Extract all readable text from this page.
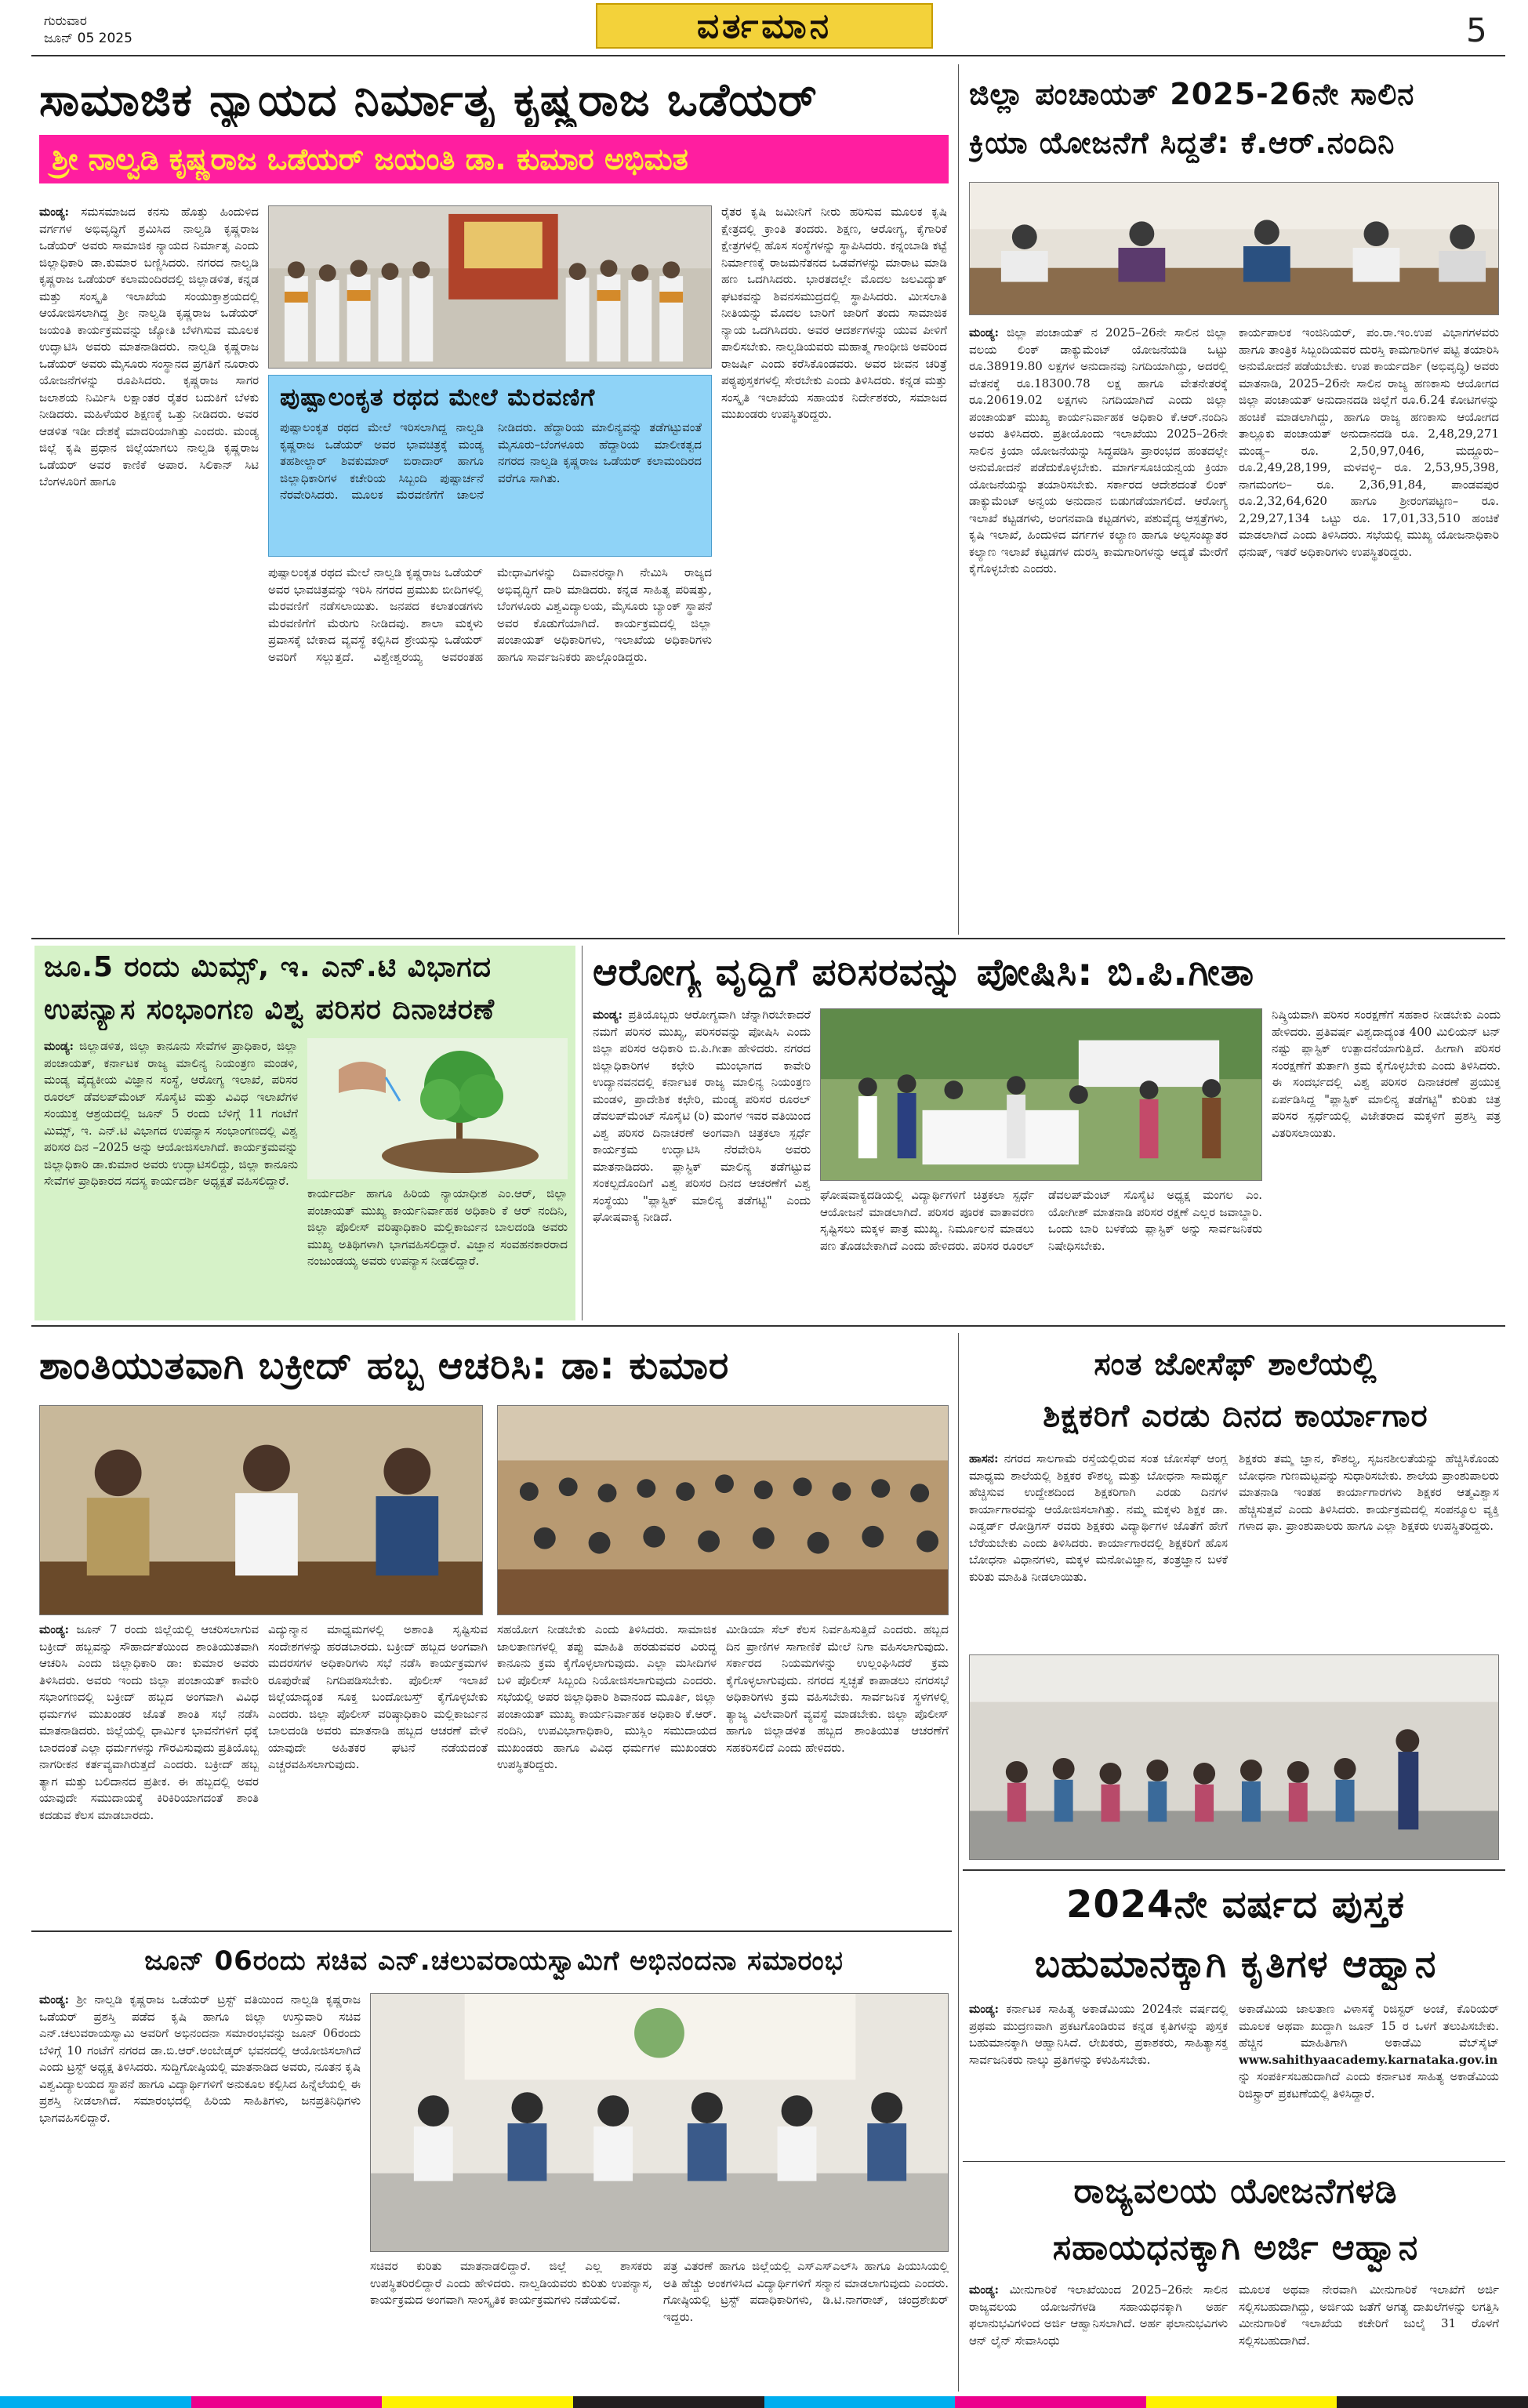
ಗುರುವಾರ
ಜೂನ್ 05 2025	ವರ್ತಮಾನ	5
ಸಾಮಾಜಿಕ ನ್ಯಾಯದ ನಿರ್ಮಾತೃ ಕೃಷ್ಣರಾಜ ಒಡೆಯರ್
ಶ್ರೀ ನಾಲ್ವಡಿ ಕೃಷ್ಣರಾಜ ಒಡೆಯರ್ ಜಯಂತಿ ಡಾ. ಕುಮಾರ ಅಭಿಮತ
ಮಂಡ್ಯ: ಸಮಸಮಾಜದ ಕನಸು ಹೊತ್ತು ಹಿಂದುಳಿದ ವರ್ಗಗಳ ಅಭಿವೃದ್ಧಿಗೆ ಶ್ರಮಿಸಿದ ನಾಲ್ವಡಿ ಕೃಷ್ಣರಾಜ ಒಡೆಯರ್ ಅವರು ಸಾಮಾಜಿಕ ನ್ಯಾಯದ ನಿರ್ಮಾತೃ ಎಂದು ಜಿಲ್ಲಾಧಿಕಾರಿ ಡಾ.ಕುಮಾರ ಬಣ್ಣಿಸಿದರು. ನಗರದ ನಾಲ್ವಡಿ ಕೃಷ್ಣರಾಜ ಒಡೆಯರ್ ಕಲಾಮಂದಿರದಲ್ಲಿ ಜಿಲ್ಲಾಡಳಿತ, ಕನ್ನಡ ಮತ್ತು ಸಂಸ್ಕೃತಿ ಇಲಾಖೆಯ ಸಂಯುಕ್ತಾಶ್ರಯದಲ್ಲಿ ಆಯೋಜಿಸಲಾಗಿದ್ದ ಶ್ರೀ ನಾಲ್ವಡಿ ಕೃಷ್ಣರಾಜ ಒಡೆಯರ್ ಜಯಂತಿ ಕಾರ್ಯಕ್ರಮವನ್ನು ಜ್ಯೋತಿ ಬೆಳಗಿಸುವ ಮೂಲಕ ಉದ್ಘಾಟಿಸಿ ಅವರು ಮಾತನಾಡಿದರು. ನಾಲ್ವಡಿ ಕೃಷ್ಣರಾಜ ಒಡೆಯರ್ ಅವರು ಮೈಸೂರು ಸಂಸ್ಥಾನದ ಪ್ರಗತಿಗೆ ನೂರಾರು ಯೋಜನೆಗಳನ್ನು ರೂಪಿಸಿದರು. ಕೃಷ್ಣರಾಜ ಸಾಗರ ಜಲಾಶಯ ನಿರ್ಮಿಸಿ ಲಕ್ಷಾಂತರ ರೈತರ ಬದುಕಿಗೆ ಬೆಳಕು ನೀಡಿದರು. ಮಹಿಳೆಯರ ಶಿಕ್ಷಣಕ್ಕೆ ಒತ್ತು ನೀಡಿದರು. ಅವರ ಆಡಳಿತ ಇಡೀ ದೇಶಕ್ಕೆ ಮಾದರಿಯಾಗಿತ್ತು ಎಂದರು. ಮಂಡ್ಯ ಜಿಲ್ಲೆ ಕೃಷಿ ಪ್ರಧಾನ ಜಿಲ್ಲೆಯಾಗಲು ನಾಲ್ವಡಿ ಕೃಷ್ಣರಾಜ ಒಡೆಯರ್ ಅವರ ಕಾಣಿಕೆ ಅಪಾರ. ಸಿಲಿಕಾನ್ ಸಿಟಿ ಬೆಂಗಳೂರಿಗೆ ಹಾಗೂ
ಪುಷ್ಪಾಲಂಕೃತ ರಥದ ಮೇಲೆ ಮೆರವಣಿಗೆ
ಪುಷ್ಪಾಲಂಕೃತ ರಥದ ಮೇಲೆ ಇರಿಸಲಾಗಿದ್ದ ನಾಲ್ವಡಿ ಕೃಷ್ಣರಾಜ ಒಡೆಯರ್ ಅವರ ಭಾವಚಿತ್ರಕ್ಕೆ ಮಂಡ್ಯ ತಹಶೀಲ್ದಾರ್ ಶಿವಕುಮಾರ್ ಬಿರಾದಾರ್ ಹಾಗೂ ಜಿಲ್ಲಾಧಿಕಾರಿಗಳ ಕಚೇರಿಯ ಸಿಬ್ಬಂದಿ ಪುಷ್ಪಾರ್ಚನೆ ನೆರವೇರಿಸಿದರು. ಮೂಲಕ ಮೆರವಣಿಗೆಗೆ ಚಾಲನೆ ನೀಡಿದರು. ಹೆದ್ದಾರಿಯ ಮಾಲಿನ್ಯವನ್ನು ತಡೆಗಟ್ಟುವಂತೆ ಮೈಸೂರು–ಬೆಂಗಳೂರು ಹೆದ್ದಾರಿಯ ಮಾಲೀಕತ್ವದ ನಗರದ ನಾಲ್ವಡಿ ಕೃಷ್ಣರಾಜ ಒಡೆಯರ್ ಕಲಾಮಂದಿರದ ವರೆಗೂ ಸಾಗಿತು.
ಪುಷ್ಪಾಲಂಕೃತ ರಥದ ಮೇಲೆ ನಾಲ್ವಡಿ ಕೃಷ್ಣರಾಜ ಒಡೆಯರ್ ಅವರ ಭಾವಚಿತ್ರವನ್ನು ಇರಿಸಿ ನಗರದ ಪ್ರಮುಖ ಬೀದಿಗಳಲ್ಲಿ ಮೆರವಣಿಗೆ ನಡೆಸಲಾಯಿತು. ಜನಪದ ಕಲಾತಂಡಗಳು ಮೆರವಣಿಗೆಗೆ ಮೆರುಗು ನೀಡಿದವು. ಶಾಲಾ ಮಕ್ಕಳು ಪ್ರವಾಸಕ್ಕೆ ಬೇಕಾದ ವ್ಯವಸ್ಥೆ ಕಲ್ಪಿಸಿದ ಶ್ರೇಯಸ್ಸು ಒಡೆಯರ್ ಅವರಿಗೆ ಸಲ್ಲುತ್ತದೆ. ವಿಶ್ವೇಶ್ವರಯ್ಯ ಅವರಂತಹ ಮೇಧಾವಿಗಳನ್ನು ದಿವಾನರನ್ನಾಗಿ ನೇಮಿಸಿ ರಾಜ್ಯದ ಅಭಿವೃದ್ಧಿಗೆ ದಾರಿ ಮಾಡಿದರು. ಕನ್ನಡ ಸಾಹಿತ್ಯ ಪರಿಷತ್ತು, ಬೆಂಗಳೂರು ವಿಶ್ವವಿದ್ಯಾಲಯ, ಮೈಸೂರು ಬ್ಯಾಂಕ್ ಸ್ಥಾಪನೆ ಅವರ ಕೊಡುಗೆಯಾಗಿದೆ. ಕಾರ್ಯಕ್ರಮದಲ್ಲಿ ಜಿಲ್ಲಾ ಪಂಚಾಯತ್ ಅಧಿಕಾರಿಗಳು, ಇಲಾಖೆಯ ಅಧಿಕಾರಿಗಳು ಹಾಗೂ ಸಾರ್ವಜನಿಕರು ಪಾಲ್ಗೊಂಡಿದ್ದರು.
ರೈತರ ಕೃಷಿ ಜಮೀನಿಗೆ ನೀರು ಹರಿಸುವ ಮೂಲಕ ಕೃಷಿ ಕ್ಷೇತ್ರದಲ್ಲಿ ಕ್ರಾಂತಿ ತಂದರು. ಶಿಕ್ಷಣ, ಆರೋಗ್ಯ, ಕೈಗಾರಿಕೆ ಕ್ಷೇತ್ರಗಳಲ್ಲಿ ಹೊಸ ಸಂಸ್ಥೆಗಳನ್ನು ಸ್ಥಾಪಿಸಿದರು. ಕನ್ನಂಬಾಡಿ ಕಟ್ಟೆ ನಿರ್ಮಾಣಕ್ಕೆ ರಾಜಮನೆತನದ ಒಡವೆಗಳನ್ನು ಮಾರಾಟ ಮಾಡಿ ಹಣ ಒದಗಿಸಿದರು. ಭಾರತದಲ್ಲೇ ಮೊದಲ ಜಲವಿದ್ಯುತ್ ಘಟಕವನ್ನು ಶಿವನಸಮುದ್ರದಲ್ಲಿ ಸ್ಥಾಪಿಸಿದರು. ಮೀಸಲಾತಿ ನೀತಿಯನ್ನು ಮೊದಲ ಬಾರಿಗೆ ಜಾರಿಗೆ ತಂದು ಸಾಮಾಜಿಕ ನ್ಯಾಯ ಒದಗಿಸಿದರು. ಅವರ ಆದರ್ಶಗಳನ್ನು ಯುವ ಪೀಳಿಗೆ ಪಾಲಿಸಬೇಕು. ನಾಲ್ವಡಿಯವರು ಮಹಾತ್ಮ ಗಾಂಧೀಜಿ ಅವರಿಂದ ರಾಜರ್ಷಿ ಎಂದು ಕರೆಸಿಕೊಂಡವರು. ಅವರ ಜೀವನ ಚರಿತ್ರೆ ಪಠ್ಯಪುಸ್ತಕಗಳಲ್ಲಿ ಸೇರಬೇಕು ಎಂದು ತಿಳಿಸಿದರು. ಕನ್ನಡ ಮತ್ತು ಸಂಸ್ಕೃತಿ ಇಲಾಖೆಯ ಸಹಾಯಕ ನಿರ್ದೇಶಕರು, ಸಮಾಜದ ಮುಖಂಡರು ಉಪಸ್ಥಿತರಿದ್ದರು.
ಜಿಲ್ಲಾ ಪಂಚಾಯತ್ 2025-26ನೇ ಸಾಲಿನ
ಕ್ರಿಯಾ ಯೋಜನೆಗೆ ಸಿದ್ಧತೆ: ಕೆ.ಆರ್.ನಂದಿನಿ
ಮಂಡ್ಯ: ಜಿಲ್ಲಾ ಪಂಚಾಯತ್ ನ 2025–26ನೇ ಸಾಲಿನ ಜಿಲ್ಲಾ ವಲಯ ಲಿಂಕ್ ಡಾಕ್ಯುಮೆಂಟ್ ಯೋಜನೆಯಡಿ ಒಟ್ಟು ರೂ.38919.80 ಲಕ್ಷಗಳ ಅನುದಾನವು ನಿಗದಿಯಾಗಿದ್ದು, ಅದರಲ್ಲಿ ವೇತನಕ್ಕೆ ರೂ.18300.78 ಲಕ್ಷ ಹಾಗೂ ವೇತನೇತರಕ್ಕೆ ರೂ.20619.02 ಲಕ್ಷಗಳು ನಿಗದಿಯಾಗಿದೆ ಎಂದು ಜಿಲ್ಲಾ ಪಂಚಾಯತ್ ಮುಖ್ಯ ಕಾರ್ಯನಿರ್ವಾಹಕ ಅಧಿಕಾರಿ ಕೆ.ಆರ್.ನಂದಿನಿ ಅವರು ತಿಳಿಸಿದರು. ಪ್ರತೀಯೊಂದು ಇಲಾಖೆಯು 2025–26ನೇ ಸಾಲಿನ ಕ್ರಿಯಾ ಯೋಜನೆಯನ್ನು ಸಿದ್ಧಪಡಿಸಿ ಪ್ರಾರಂಭದ ಹಂತದಲ್ಲೇ ಅನುಮೋದನೆ ಪಡೆದುಕೊಳ್ಳಬೇಕು. ಮಾರ್ಗಸೂಚಿಯನ್ವಯ ಕ್ರಿಯಾ ಯೋಜನೆಯನ್ನು ತಯಾರಿಸಬೇಕು. ಸರ್ಕಾರದ ಆದೇಶದಂತೆ ಲಿಂಕ್ ಡಾಕ್ಯುಮೆಂಟ್ ಅನ್ವಯ ಅನುದಾನ ಬಿಡುಗಡೆಯಾಗಲಿದೆ. ಆರೋಗ್ಯ ಇಲಾಖೆ ಕಟ್ಟಡಗಳು, ಅಂಗನವಾಡಿ ಕಟ್ಟಡಗಳು, ಪಶುವೈದ್ಯ ಆಸ್ಪತ್ರೆಗಳು, ಕೃಷಿ ಇಲಾಖೆ, ಹಿಂದುಳಿದ ವರ್ಗಗಳ ಕಲ್ಯಾಣ ಹಾಗೂ ಅಲ್ಪಸಂಖ್ಯಾತರ ಕಲ್ಯಾಣ ಇಲಾಖೆ ಕಟ್ಟಡಗಳ ದುರಸ್ತಿ ಕಾಮಗಾರಿಗಳನ್ನು ಆದ್ಯತೆ ಮೇರೆಗೆ ಕೈಗೊಳ್ಳಬೇಕು ಎಂದರು.
ಕಾರ್ಯಪಾಲಕ ಇಂಜಿನಿಯರ್, ಪಂ.ರಾ.ಇಂ.ಉಪ ವಿಭಾಗಗಳವರು ಹಾಗೂ ತಾಂತ್ರಿಕ ಸಿಬ್ಬಂದಿಯವರ ದುರಸ್ತಿ ಕಾಮಗಾರಿಗಳ ಪಟ್ಟಿ ತಯಾರಿಸಿ ಅನುಮೋದನೆ ಪಡೆಯಬೇಕು. ಉಪ ಕಾರ್ಯದರ್ಶಿ (ಅಭಿವೃದ್ಧಿ) ಅವರು ಮಾತನಾಡಿ, 2025–26ನೇ ಸಾಲಿನ ರಾಜ್ಯ ಹಣಕಾಸು ಆಯೋಗದ ಜಿಲ್ಲಾ ಪಂಚಾಯತ್ ಅನುದಾನದಡಿ ಜಿಲ್ಲೆಗೆ ರೂ.6.24 ಕೋಟಿಗಳನ್ನು ಹಂಚಿಕೆ ಮಾಡಲಾಗಿದ್ದು, ಹಾಗೂ ರಾಜ್ಯ ಹಣಕಾಸು ಆಯೋಗದ ತಾಲ್ಲೂಕು ಪಂಚಾಯತ್ ಅನುದಾನದಡಿ ರೂ. 2,48,29,271 ಮಂಡ್ಯ– ರೂ. 2,50,97,046, ಮದ್ದೂರು– ರೂ.2,49,28,199, ಮಳವಳ್ಳಿ– ರೂ. 2,53,95,398, ನಾಗಮಂಗಲ– ರೂ. 2,36,91,84, ಪಾಂಡವಪುರ ರೂ.2,32,64,620 ಹಾಗೂ ಶ್ರೀರಂಗಪಟ್ಟಣ– ರೂ. 2,29,27,134 ಒಟ್ಟು ರೂ. 17,01,33,510 ಹಂಚಿಕೆ ಮಾಡಲಾಗಿದೆ ಎಂದು ತಿಳಿಸಿದರು. ಸಭೆಯಲ್ಲಿ ಮುಖ್ಯ ಯೋಜನಾಧಿಕಾರಿ ಧನುಷ್, ಇತರೆ ಅಧಿಕಾರಿಗಳು ಉಪಸ್ಥಿತರಿದ್ದರು.
ಜೂ.5 ರಂದು ಮಿಮ್ಸ್, ಇ. ಎನ್.ಟಿ ವಿಭಾಗದ
ಉಪನ್ಯಾಸ ಸಂಭಾಂಗಣ ವಿಶ್ವ ಪರಿಸರ ದಿನಾಚರಣೆ
ಮಂಡ್ಯ: ಜಿಲ್ಲಾಡಳಿತ, ಜಿಲ್ಲಾ ಕಾನೂನು ಸೇವೆಗಳ ಪ್ರಾಧಿಕಾರ, ಜಿಲ್ಲಾ ಪಂಚಾಯತ್, ಕರ್ನಾಟಕ ರಾಜ್ಯ ಮಾಲಿನ್ಯ ನಿಯಂತ್ರಣ ಮಂಡಳಿ, ಮಂಡ್ಯ ವೈದ್ಯಕೀಯ ವಿಜ್ಞಾನ ಸಂಸ್ಥೆ, ಆರೋಗ್ಯ ಇಲಾಖೆ, ಪರಿಸರ ರೂರಲ್ ಡೆವಲಪ್‌ಮೆಂಟ್ ಸೊಸೈಟಿ ಮತ್ತು ವಿವಿಧ ಇಲಾಖೆಗಳ ಸಂಯುಕ್ತ ಆಶ್ರಯದಲ್ಲಿ ಜೂನ್ 5 ರಂದು ಬೆಳಿಗ್ಗೆ 11 ಗಂಟೆಗೆ ಮಿಮ್ಸ್, ಇ. ಎನ್.ಟಿ ವಿಭಾಗದ ಉಪನ್ಯಾಸ ಸಂಭಾಂಗಣದಲ್ಲಿ ವಿಶ್ವ ಪರಿಸರ ದಿನ –2025 ಅನ್ನು ಆಯೋಜಿಸಲಾಗಿದೆ. ಕಾರ್ಯಕ್ರಮವನ್ನು ಜಿಲ್ಲಾಧಿಕಾರಿ ಡಾ.ಕುಮಾರ ಅವರು ಉದ್ಘಾಟಿಸಲಿದ್ದು, ಜಿಲ್ಲಾ ಕಾನೂನು ಸೇವೆಗಳ ಪ್ರಾಧಿಕಾರದ ಸದಸ್ಯ ಕಾರ್ಯದರ್ಶಿ ಅಧ್ಯಕ್ಷತೆ ವಹಿಸಲಿದ್ದಾರೆ.
ಕಾರ್ಯದರ್ಶಿ ಹಾಗೂ ಹಿರಿಯ ನ್ಯಾಯಾಧೀಶ ಎಂ.ಆರ್, ಜಿಲ್ಲಾ ಪಂಚಾಯತ್ ಮುಖ್ಯ ಕಾರ್ಯನಿರ್ವಾಹಕ ಅಧಿಕಾರಿ ಕೆ ಆರ್ ನಂದಿನಿ, ಜಿಲ್ಲಾ ಪೊಲೀಸ್ ವರಿಷ್ಠಾಧಿಕಾರಿ ಮಲ್ಲಿಕಾರ್ಜುನ ಬಾಲದಂಡಿ ಅವರು ಮುಖ್ಯ ಅತಿಥಿಗಳಾಗಿ ಭಾಗವಹಿಸಲಿದ್ದಾರೆ. ವಿಜ್ಞಾನ ಸಂವಹನಕಾರರಾದ ನಂಜುಂಡಯ್ಯ ಅವರು ಉಪನ್ಯಾಸ ನೀಡಲಿದ್ದಾರೆ.
ಆರೋಗ್ಯ ವೃದ್ಧಿಗೆ ಪರಿಸರವನ್ನು ಪೋಷಿಸಿ: ಬಿ.ಪಿ.ಗೀತಾ
ಮಂಡ್ಯ: ಪ್ರತಿಯೊಬ್ಬರು ಆರೋಗ್ಯವಾಗಿ ಚೆನ್ನಾಗಿರಬೇಕಾದರೆ ನಮಗೆ ಪರಿಸರ ಮುಖ್ಯ, ಪರಿಸರವನ್ನು ಪೋಷಿಸಿ ಎಂದು ಜಿಲ್ಲಾ ಪರಿಸರ ಅಧಿಕಾರಿ ಬಿ.ಪಿ.ಗೀತಾ ಹೇಳಿದರು. ನಗರದ ಜಿಲ್ಲಾಧಿಕಾರಿಗಳ ಕಛೇರಿ ಮುಂಭಾಗದ ಕಾವೇರಿ ಉದ್ಯಾನವನದಲ್ಲಿ ಕರ್ನಾಟಕ ರಾಜ್ಯ ಮಾಲಿನ್ಯ ನಿಯಂತ್ರಣ ಮಂಡಳಿ, ಪ್ರಾದೇಶಿಕ ಕಛೇರಿ, ಮಂಡ್ಯ ಪರಿಸರ ರೂರಲ್ ಡೆವಲಪ್‌ಮೆಂಟ್ ಸೊಸೈಟಿ (ರಿ) ಮಂಗಳ ಇವರ ವತಿಯಿಂದ ವಿಶ್ವ ಪರಿಸರ ದಿನಾಚರಣೆ ಅಂಗವಾಗಿ ಚಿತ್ರಕಲಾ ಸ್ಪರ್ಧೆ ಕಾರ್ಯಕ್ರಮ ಉದ್ಘಾಟಿಸಿ ನೆರವೇರಿಸಿ ಅವರು ಮಾತನಾಡಿದರು. ಪ್ಲಾಸ್ಟಿಕ್ ಮಾಲಿನ್ಯ ತಡೆಗಟ್ಟುವ ಸಂಕಲ್ಪದೊಂದಿಗೆ ವಿಶ್ವ ಪರಿಸರ ದಿನದ ಆಚರಣೆಗೆ ವಿಶ್ವ ಸಂಸ್ಥೆಯು "ಪ್ಲಾಸ್ಟಿಕ್ ಮಾಲಿನ್ಯ ತಡೆಗಟ್ಟಿ" ಎಂದು ಘೋಷವಾಕ್ಯ ನೀಡಿದೆ.
ಘೋಷವಾಕ್ಯದಡಿಯಲ್ಲಿ ವಿದ್ಯಾರ್ಥಿಗಳಿಗೆ ಚಿತ್ರಕಲಾ ಸ್ಪರ್ಧೆ ಆಯೋಜನೆ ಮಾಡಲಾಗಿದೆ. ಪರಿಸರ ಪೂರಕ ವಾತಾವರಣ ಸೃಷ್ಟಿಸಲು ಮಕ್ಕಳ ಪಾತ್ರ ಮುಖ್ಯ. ನಿರ್ಮೂಲನೆ ಮಾಡಲು ಪಣ ತೊಡಬೇಕಾಗಿದೆ ಎಂದು ಹೇಳಿದರು. ಪರಿಸರ ರೂರಲ್ ಡೆವಲಪ್‌ಮೆಂಟ್ ಸೊಸೈಟಿ ಅಧ್ಯಕ್ಷ ಮಂಗಲ ಎಂ. ಯೋಗೀಶ್ ಮಾತನಾಡಿ ಪರಿಸರ ರಕ್ಷಣೆ ಎಲ್ಲರ ಜವಾಬ್ದಾರಿ. ಒಂದು ಬಾರಿ ಬಳಕೆಯ ಪ್ಲಾಸ್ಟಿಕ್ ಅನ್ನು ಸಾರ್ವಜನಿಕರು ನಿಷೇಧಿಸಬೇಕು.
ನಿಷ್ಕ್ರಿಯವಾಗಿ ಪರಿಸರ ಸಂರಕ್ಷಣೆಗೆ ಸಹಕಾರ ನೀಡಬೇಕು ಎಂದು ಹೇಳಿದರು. ಪ್ರತಿವರ್ಷ ವಿಶ್ವದಾದ್ಯಂತ 400 ಮಿಲಿಯನ್ ಟನ್ ನಷ್ಟು ಪ್ಲಾಸ್ಟಿಕ್ ಉತ್ಪಾದನೆಯಾಗುತ್ತಿದೆ. ಹೀಗಾಗಿ ಪರಿಸರ ಸಂರಕ್ಷಣೆಗೆ ತುರ್ತಾಗಿ ಕ್ರಮ ಕೈಗೊಳ್ಳಬೇಕು ಎಂದು ತಿಳಿಸಿದರು. ಈ ಸಂದರ್ಭದಲ್ಲಿ ವಿಶ್ವ ಪರಿಸರ ದಿನಾಚರಣೆ ಪ್ರಯುಕ್ತ ಏರ್ಪಡಿಸಿದ್ದ "ಪ್ಲಾಸ್ಟಿಕ್ ಮಾಲಿನ್ಯ ತಡೆಗಟ್ಟಿ" ಕುರಿತು ಚಿತ್ರ ಪರಿಸರ ಸ್ಪರ್ಧೆಯಲ್ಲಿ ವಿಜೇತರಾದ ಮಕ್ಕಳಿಗೆ ಪ್ರಶಸ್ತಿ ಪತ್ರ ವಿತರಿಸಲಾಯಿತು.
ಶಾಂತಿಯುತವಾಗಿ ಬಕ್ರೀದ್ ಹಬ್ಬ ಆಚರಿಸಿ: ಡಾ: ಕುಮಾರ
ಮಂಡ್ಯ: ಜೂನ್ 7 ರಂದು ಜಿಲ್ಲೆಯಲ್ಲಿ ಆಚರಿಸಲಾಗುವ ಬಕ್ರೀದ್ ಹಬ್ಬವನ್ನು ಸೌಹಾರ್ದತೆಯಿಂದ ಶಾಂತಿಯುತವಾಗಿ ಆಚರಿಸಿ ಎಂದು ಜಿಲ್ಲಾಧಿಕಾರಿ ಡಾ: ಕುಮಾರ ಅವರು ತಿಳಿಸಿದರು. ಅವರು ಇಂದು ಜಿಲ್ಲಾ ಪಂಚಾಯತ್ ಕಾವೇರಿ ಸಭಾಂಗಣದಲ್ಲಿ ಬಕ್ರೀದ್ ಹಬ್ಬದ ಅಂಗವಾಗಿ ವಿವಿಧ ಧರ್ಮಗಳ ಮುಖಂಡರ ಜೊತೆ ಶಾಂತಿ ಸಭೆ ನಡೆಸಿ ಮಾತನಾಡಿದರು. ಜಿಲ್ಲೆಯಲ್ಲಿ ಧಾರ್ಮಿಕ ಭಾವನೆಗಳಿಗೆ ಧಕ್ಕೆ ಬಾರದಂತೆ ಎಲ್ಲಾ ಧರ್ಮಗಳನ್ನು ಗೌರವಿಸುವುದು ಪ್ರತಿಯೊಬ್ಬ ನಾಗರೀಕನ ಕರ್ತವ್ಯವಾಗಿರುತ್ತದೆ ಎಂದರು. ಬಕ್ರೀದ್ ಹಬ್ಬ ತ್ಯಾಗ ಮತ್ತು ಬಲಿದಾನದ ಪ್ರತೀಕ. ಈ ಹಬ್ಬದಲ್ಲಿ ಅವರ ಯಾವುದೇ ಸಮುದಾಯಕ್ಕೆ ಕಿರಿಕಿರಿಯಾಗದಂತೆ ಶಾಂತಿ ಕದಡುವ ಕೆಲಸ ಮಾಡಬಾರದು.
ವಿದ್ಯುನ್ಮಾನ ಮಾಧ್ಯಮಗಳಲ್ಲಿ ಅಶಾಂತಿ ಸೃಷ್ಟಿಸುವ ಸಂದೇಶಗಳನ್ನು ಹರಡಬಾರದು. ಬಕ್ರೀದ್ ಹಬ್ಬದ ಅಂಗವಾಗಿ ಮದರಸಗಳ ಅಧಿಕಾರಿಗಳು ಸಭೆ ನಡೆಸಿ ಕಾರ್ಯಕ್ರಮಗಳ ರೂಪುರೇಷೆ ನಿಗದಿಪಡಿಸಬೇಕು. ಪೊಲೀಸ್ ಇಲಾಖೆ ಜಿಲ್ಲೆಯಾದ್ಯಂತ ಸೂಕ್ತ ಬಂದೋಬಸ್ತ್ ಕೈಗೊಳ್ಳಬೇಕು ಎಂದರು. ಜಿಲ್ಲಾ ಪೊಲೀಸ್ ವರಿಷ್ಠಾಧಿಕಾರಿ ಮಲ್ಲಿಕಾರ್ಜುನ ಬಾಲದಂಡಿ ಅವರು ಮಾತನಾಡಿ ಹಬ್ಬದ ಆಚರಣೆ ವೇಳೆ ಯಾವುದೇ ಅಹಿತಕರ ಘಟನೆ ನಡೆಯದಂತೆ ಎಚ್ಚರವಹಿಸಲಾಗುವುದು.
ಸಹಯೋಗ ನೀಡಬೇಕು ಎಂದು ತಿಳಿಸಿದರು. ಸಾಮಾಜಿಕ ಜಾಲತಾಣಗಳಲ್ಲಿ ತಪ್ಪು ಮಾಹಿತಿ ಹರಡುವವರ ವಿರುದ್ಧ ಕಾನೂನು ಕ್ರಮ ಕೈಗೊಳ್ಳಲಾಗುವುದು. ಎಲ್ಲಾ ಮಸೀದಿಗಳ ಬಳಿ ಪೊಲೀಸ್ ಸಿಬ್ಬಂದಿ ನಿಯೋಜಿಸಲಾಗುವುದು ಎಂದರು. ಸಭೆಯಲ್ಲಿ ಅಪರ ಜಿಲ್ಲಾಧಿಕಾರಿ ಶಿವಾನಂದ ಮೂರ್ತಿ, ಜಿಲ್ಲಾ ಪಂಚಾಯತ್ ಮುಖ್ಯ ಕಾರ್ಯನಿರ್ವಾಹಕ ಅಧಿಕಾರಿ ಕೆ.ಆರ್. ನಂದಿನಿ, ಉಪವಿಭಾಗಾಧಿಕಾರಿ, ಮುಸ್ಲಿಂ ಸಮುದಾಯದ ಮುಖಂಡರು ಹಾಗೂ ವಿವಿಧ ಧರ್ಮಗಳ ಮುಖಂಡರು ಉಪಸ್ಥಿತರಿದ್ದರು.
ಮೀಡಿಯಾ ಸೆಲ್ ಕೆಲಸ ನಿರ್ವಹಿಸುತ್ತಿದೆ ಎಂದರು. ಹಬ್ಬದ ದಿನ ಪ್ರಾಣಿಗಳ ಸಾಗಾಣಿಕೆ ಮೇಲೆ ನಿಗಾ ವಹಿಸಲಾಗುವುದು. ಸರ್ಕಾರದ ನಿಯಮಗಳನ್ನು ಉಲ್ಲಂಘಿಸಿದರೆ ಕ್ರಮ ಕೈಗೊಳ್ಳಲಾಗುವುದು. ನಗರದ ಸ್ವಚ್ಛತೆ ಕಾಪಾಡಲು ನಗರಸಭೆ ಅಧಿಕಾರಿಗಳು ಕ್ರಮ ವಹಿಸಬೇಕು. ಸಾರ್ವಜನಿಕ ಸ್ಥಳಗಳಲ್ಲಿ ತ್ಯಾಜ್ಯ ವಿಲೇವಾರಿಗೆ ವ್ಯವಸ್ಥೆ ಮಾಡಬೇಕು. ಜಿಲ್ಲಾ ಪೊಲೀಸ್ ಹಾಗೂ ಜಿಲ್ಲಾಡಳಿತ ಹಬ್ಬದ ಶಾಂತಿಯುತ ಆಚರಣೆಗೆ ಸಹಕರಿಸಲಿದೆ ಎಂದು ಹೇಳಿದರು.
ಸಂತ ಜೋಸೆಫ್ ಶಾಲೆಯಲ್ಲಿ
ಶಿಕ್ಷಕರಿಗೆ ಎರಡು ದಿನದ ಕಾರ್ಯಾಗಾರ
ಹಾಸನ: ನಗರದ ಸಾಲಗಾಮೆ ರಸ್ತೆಯಲ್ಲಿರುವ ಸಂತ ಜೋಸೆಫ್ ಆಂಗ್ಲ ಮಾಧ್ಯಮ ಶಾಲೆಯಲ್ಲಿ ಶಿಕ್ಷಕರ ಕೌಶಲ್ಯ ಮತ್ತು ಬೋಧನಾ ಸಾಮರ್ಥ್ಯ ಹೆಚ್ಚಿಸುವ ಉದ್ದೇಶದಿಂದ ಶಿಕ್ಷಕರಿಗಾಗಿ ಎರಡು ದಿನಗಳ ಕಾರ್ಯಾಗಾರವನ್ನು ಆಯೋಜಿಸಲಾಗಿತ್ತು. ನಮ್ಮ ಮಕ್ಕಳು ಶಿಕ್ಷಕ ಡಾ. ಎಡ್ವರ್ಡ್ ರೋಡ್ರಿಗಸ್ ರವರು ಶಿಕ್ಷಕರು ವಿದ್ಯಾರ್ಥಿಗಳ ಜೊತೆಗೆ ಹೇಗೆ ಬೆರೆಯಬೇಕು ಎಂದು ತಿಳಿಸಿದರು. ಕಾರ್ಯಾಗಾರದಲ್ಲಿ ಶಿಕ್ಷಕರಿಗೆ ಹೊಸ ಬೋಧನಾ ವಿಧಾನಗಳು, ಮಕ್ಕಳ ಮನೋವಿಜ್ಞಾನ, ತಂತ್ರಜ್ಞಾನ ಬಳಕೆ ಕುರಿತು ಮಾಹಿತಿ ನೀಡಲಾಯಿತು.
ಶಿಕ್ಷಕರು ತಮ್ಮ ಜ್ಞಾನ, ಕೌಶಲ್ಯ, ಸೃಜನಶೀಲತೆಯನ್ನು ಹೆಚ್ಚಿಸಿಕೊಂಡು ಬೋಧನಾ ಗುಣಮಟ್ಟವನ್ನು ಸುಧಾರಿಸಬೇಕು. ಶಾಲೆಯ ಪ್ರಾಂಶುಪಾಲರು ಮಾತನಾಡಿ ಇಂತಹ ಕಾರ್ಯಾಗಾರಗಳು ಶಿಕ್ಷಕರ ಆತ್ಮವಿಶ್ವಾಸ ಹೆಚ್ಚಿಸುತ್ತವೆ ಎಂದು ತಿಳಿಸಿದರು. ಕಾರ್ಯಕ್ರಮದಲ್ಲಿ ಸಂಪನ್ಮೂಲ ವ್ಯಕ್ತಿ ಗಳಾದ ಫಾ. ಪ್ರಾಂಶುಪಾಲರು ಹಾಗೂ ಎಲ್ಲಾ ಶಿಕ್ಷಕರು ಉಪಸ್ಥಿತರಿದ್ದರು.
ಜೂನ್ 06ರಂದು ಸಚಿವ ಎನ್.ಚಲುವರಾಯಸ್ವಾಮಿಗೆ ಅಭಿನಂದನಾ ಸಮಾರಂಭ
ಮಂಡ್ಯ: ಶ್ರೀ ನಾಲ್ವಡಿ ಕೃಷ್ಣರಾಜ ಒಡೆಯರ್ ಟ್ರಸ್ಟ್ ವತಿಯಿಂದ ನಾಲ್ವಡಿ ಕೃಷ್ಣರಾಜ ಒಡೆಯರ್ ಪ್ರಶಸ್ತಿ ಪಡೆದ ಕೃಷಿ ಹಾಗೂ ಜಿಲ್ಲಾ ಉಸ್ತುವಾರಿ ಸಚಿವ ಎನ್.ಚಲುವರಾಯಸ್ವಾಮಿ ಅವರಿಗೆ ಅಭಿನಂದನಾ ಸಮಾರಂಭವನ್ನು ಜೂನ್ 06ರಂದು ಬೆಳಿಗ್ಗೆ 10 ಗಂಟೆಗೆ ನಗರದ ಡಾ.ಬಿ.ಆರ್.ಅಂಬೇಡ್ಕರ್ ಭವನದಲ್ಲಿ ಆಯೋಜಿಸಲಾಗಿದೆ ಎಂದು ಟ್ರಸ್ಟ್ ಅಧ್ಯಕ್ಷ ತಿಳಿಸಿದರು. ಸುದ್ದಿಗೋಷ್ಠಿಯಲ್ಲಿ ಮಾತನಾಡಿದ ಅವರು, ನೂತನ ಕೃಷಿ ವಿಶ್ವವಿದ್ಯಾಲಯದ ಸ್ಥಾಪನೆ ಹಾಗೂ ವಿದ್ಯಾರ್ಥಿಗಳಿಗೆ ಅನುಕೂಲ ಕಲ್ಪಿಸಿದ ಹಿನ್ನೆಲೆಯಲ್ಲಿ ಈ ಪ್ರಶಸ್ತಿ ನೀಡಲಾಗಿದೆ. ಸಮಾರಂಭದಲ್ಲಿ ಹಿರಿಯ ಸಾಹಿತಿಗಳು, ಜನಪ್ರತಿನಿಧಿಗಳು ಭಾಗವಹಿಸಲಿದ್ದಾರೆ.
ಸಚಿವರ ಕುರಿತು ಮಾತನಾಡಲಿದ್ದಾರೆ. ಜಿಲ್ಲೆ ಎಲ್ಲ ಶಾಸಕರು ಉಪಸ್ಥಿತರಿರಲಿದ್ದಾರೆ ಎಂದು ಹೇಳಿದರು. ನಾಲ್ವಡಿಯವರು ಕುರಿತು ಉಪನ್ಯಾಸ, ಕಾರ್ಯಕ್ರಮದ ಅಂಗವಾಗಿ ಸಾಂಸ್ಕೃತಿಕ ಕಾರ್ಯಕ್ರಮಗಳು ನಡೆಯಲಿವೆ.
ಪತ್ರ ವಿತರಣೆ ಹಾಗೂ ಜಿಲ್ಲೆಯಲ್ಲಿ ಎಸ್ಎಸ್ಎಲ್‌ಸಿ ಹಾಗೂ ಪಿಯುಸಿಯಲ್ಲಿ ಅತಿ ಹೆಚ್ಚು ಅಂಕಗಳಿಸಿದ ವಿದ್ಯಾರ್ಥಿಗಳಿಗೆ ಸನ್ಮಾನ ಮಾಡಲಾಗುವುದು ಎಂದರು. ಗೋಷ್ಠಿಯಲ್ಲಿ ಟ್ರಸ್ಟ್ ಪದಾಧಿಕಾರಿಗಳು, ಡಿ.ಟಿ.ನಾಗರಾಜ್, ಚಂದ್ರಶೇಖರ್ ಇದ್ದರು.
2024ನೇ ವರ್ಷದ ಪುಸ್ತಕ
ಬಹುಮಾನಕ್ಕಾಗಿ ಕೃತಿಗಳ ಆಹ್ವಾನ
ಮಂಡ್ಯ: ಕರ್ನಾಟಕ ಸಾಹಿತ್ಯ ಅಕಾಡೆಮಿಯು 2024ನೇ ವರ್ಷದಲ್ಲಿ ಪ್ರಥಮ ಮುದ್ರಣವಾಗಿ ಪ್ರಕಟಗೊಂಡಿರುವ ಕನ್ನಡ ಕೃತಿಗಳನ್ನು ಪುಸ್ತಕ ಬಹುಮಾನಕ್ಕಾಗಿ ಆಹ್ವಾನಿಸಿದೆ. ಲೇಖಕರು, ಪ್ರಕಾಶಕರು, ಸಾಹಿತ್ಯಾಸಕ್ತ ಸಾರ್ವಜನಿಕರು ನಾಲ್ಕು ಪ್ರತಿಗಳನ್ನು ಕಳುಹಿಸಬೇಕು.
ಅಕಾಡೆಮಿಯ ಜಾಲತಾಣ ವಿಳಾಸಕ್ಕೆ ರಿಜಿಸ್ಟರ್ ಅಂಚೆ, ಕೊರಿಯರ್ ಮೂಲಕ ಅಥವಾ ಖುದ್ದಾಗಿ ಜೂನ್ 15 ರ ಒಳಗೆ ತಲುಪಿಸಬೇಕು. ಹೆಚ್ಚಿನ ಮಾಹಿತಿಗಾಗಿ ಅಕಾಡೆಮಿ ವೆಬ್‌ಸೈಟ್ www.sahithyaacademy.karnataka.gov.inನ್ನು ಸಂಪರ್ಕಿಸಬಹುದಾಗಿದೆ ಎಂದು ಕರ್ನಾಟಕ ಸಾಹಿತ್ಯ ಅಕಾಡೆಮಿಯ ರಿಜಿಸ್ಟ್ರಾರ್ ಪ್ರಕಟಣೆಯಲ್ಲಿ ತಿಳಿಸಿದ್ದಾರೆ.
ರಾಜ್ಯವಲಯ ಯೋಜನೆಗಳಡಿ
ಸಹಾಯಧನಕ್ಕಾಗಿ ಅರ್ಜಿ ಆಹ್ವಾನ
ಮಂಡ್ಯ: ಮೀನುಗಾರಿಕೆ ಇಲಾಖೆಯಿಂದ 2025–26ನೇ ಸಾಲಿನ ರಾಜ್ಯವಲಯ ಯೋಜನೆಗಳಡಿ ಸಹಾಯಧನಕ್ಕಾಗಿ ಅರ್ಹ ಫಲಾನುಭವಿಗಳಿಂದ ಅರ್ಜಿ ಆಹ್ವಾನಿಸಲಾಗಿದೆ. ಅರ್ಹ ಫಲಾನುಭವಿಗಳು ಆನ್ ಲೈನ್ ಸೇವಾಸಿಂಧು
ಮೂಲಕ ಅಥವಾ ನೇರವಾಗಿ ಮೀನುಗಾರಿಕೆ ಇಲಾಖೆಗೆ ಅರ್ಜಿ ಸಲ್ಲಿಸಬಹುದಾಗಿದ್ದು, ಅರ್ಜಿಯ ಜತೆಗೆ ಅಗತ್ಯ ದಾಖಲೆಗಳನ್ನು ಲಗತ್ತಿಸಿ ಮೀನುಗಾರಿಕೆ ಇಲಾಖೆಯ ಕಚೇರಿಗೆ ಜುಲೈ 31 ರೊಳಗೆ ಸಲ್ಲಿಸಬಹುದಾಗಿದೆ.
